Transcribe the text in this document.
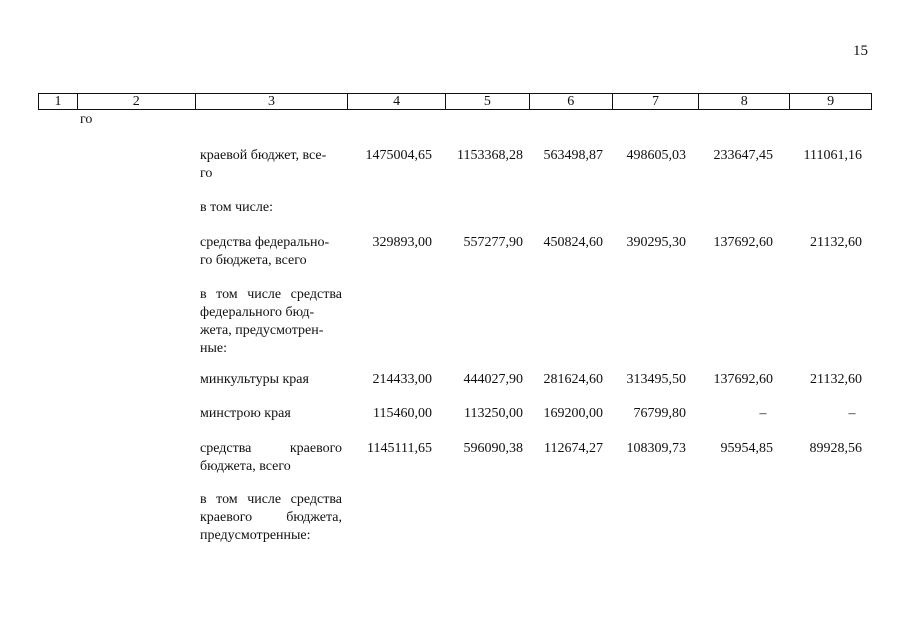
15
1	2	3	4	5	6	7	8	9
го
краевой бюджет, все-
го
1475004,65 1153368,28 563498,87 498605,03 233647,45 111061,16
в том числе:
средства федерально-
го бюджета, всего
329893,00 557277,90 450824,60 390295,30 137692,60	21132,60
в том числе средства федерального бюд-
жета, предусмотрен-
ные:
минкультуры края	214433,00 444027,90 281624,60 313495,50 137692,60	21132,60
минстрою края	115460,00 113250,00 169200,00 76799,80	–	–
средства краевого бюджета, всего
1145111,65 596090,38 112674,27 108309,73 95954,85	89928,56
в том числе средства краевого бюджета, предусмотренные:
